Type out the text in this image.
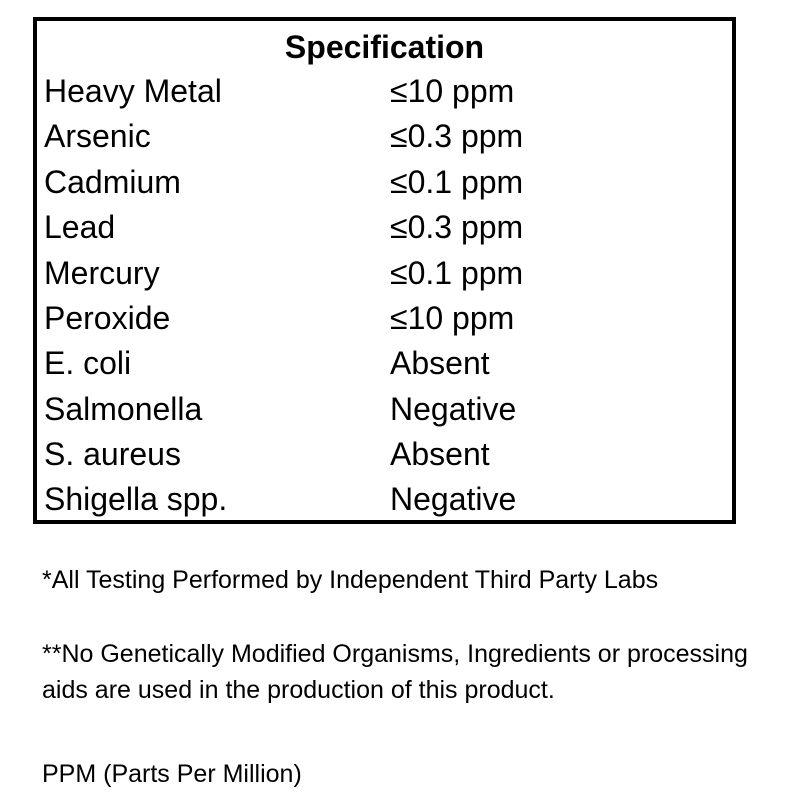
Specification
Heavy Metal	≤10 ppm
Arsenic	≤0.3 ppm
Cadmium	≤0.1 ppm
Lead	≤0.3 ppm
Mercury	≤0.1 ppm
Peroxide	≤10 ppm
E. coli	Absent
Salmonella	Negative
S. aureus	Absent
Shigella spp.	Negative
*All Testing Performed by Independent Third Party Labs
**No Genetically Modified Organisms, Ingredients or processing aids are used in the production of this product.
PPM (Parts Per Million)
